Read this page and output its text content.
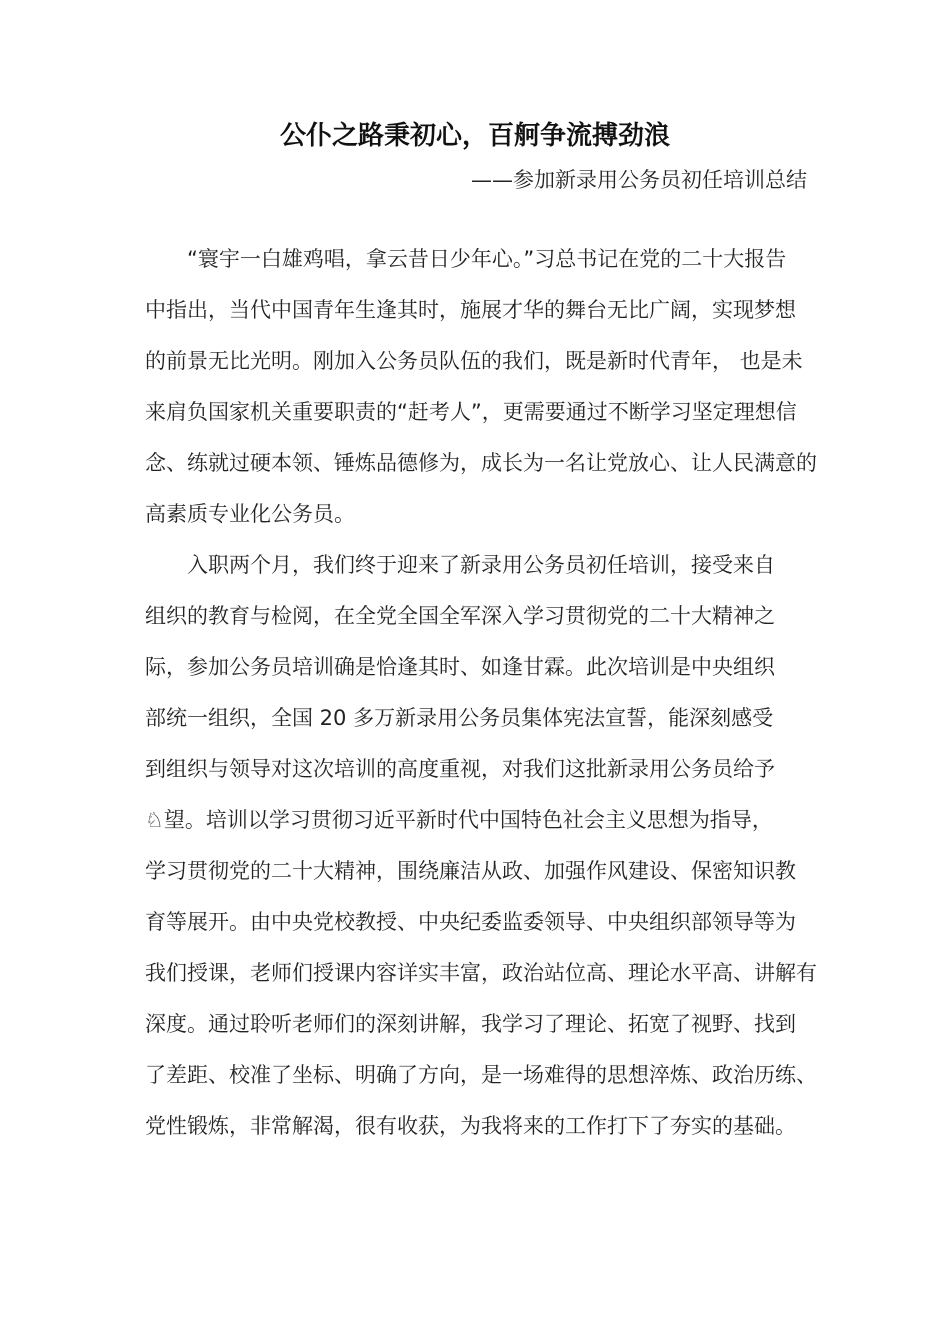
公仆之路秉初心，百舸争流搏劲浪
——参加新录用公务员初任培训总结
　　“寰宇一白雄鸡唱，拿云昔日少年心。”习总书记在党的二十大报告
中指出，当代中国青年生逢其时，施展才华的舞台无比广阔，实现梦想
的前景无比光明。刚加入公务员队伍的我们，既是新时代青年， 也是未
来肩负国家机关重要职责的“赶考人”，更需要通过不断学习坚定理想信
念、练就过硬本领、锤炼品德修为，成长为一名让党放心、让人民满意的
高素质专业化公务员。
　　入职两个月，我们终于迎来了新录用公务员初任培训，接受来自
组织的教育与检阅，在全党全国全军深入学习贯彻党的二十大精神之
际，参加公务员培训确是恰逢其时、如逢甘霖。此次培训是中央组织
部统一组织，全国 20 多万新录用公务员集体宪法宣誓，能深刻感受
到组织与领导对这次培训的高度重视，对我们这批新录用公务员给予
♘望。培训以学习贯彻习近平新时代中国特色社会主义思想为指导，
学习贯彻党的二十大精神，围绕廉洁从政、加强作风建设、保密知识教
育等展开。由中央党校教授、中央纪委监委领导、中央组织部领导等为
我们授课，老师们授课内容详实丰富，政治站位高、理论水平高、讲解有
深度。通过聆听老师们的深刻讲解，我学习了理论、拓宽了视野、找到
了差距、校准了坐标、明确了方向，是一场难得的思想淬炼、政治历练、
党性锻炼，非常解渴，很有收获，为我将来的工作打下了夯实的基础。
